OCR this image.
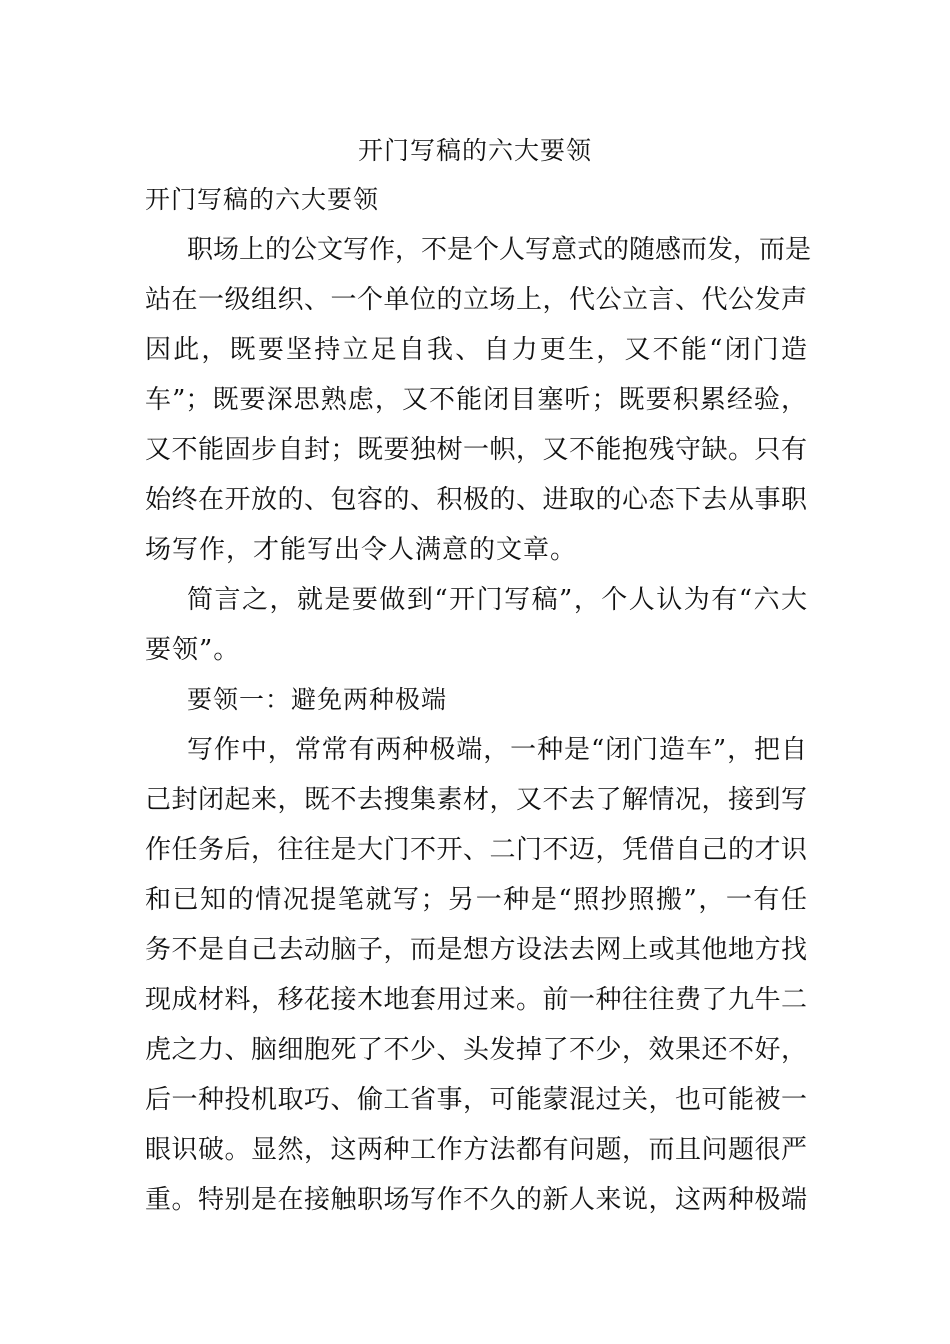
开门写稿的六大要领
开门写稿的六大要领
职场上的公文写作，不是个人写意式的随感而发，而是
站在一级组织、一个单位的立场上，代公立言、代公发声
因此，既要坚持立足自我、自力更生，又不能“闭门造
车”；既要深思熟虑，又不能闭目塞听；既要积累经验，
又不能固步自封；既要独树一帜，又不能抱残守缺。只有
始终在开放的、包容的、积极的、进取的心态下去从事职
场写作，才能写出令人满意的文章。
简言之，就是要做到“开门写稿”，个人认为有“六大
要领”。
要领一：避免两种极端
写作中，常常有两种极端，一种是“闭门造车”，把自
己封闭起来，既不去搜集素材，又不去了解情况，接到写
作任务后，往往是大门不开、二门不迈，凭借自己的才识
和已知的情况提笔就写；另一种是“照抄照搬”，一有任
务不是自己去动脑子，而是想方设法去网上或其他地方找
现成材料，移花接木地套用过来。前一种往往费了九牛二
虎之力、脑细胞死了不少、头发掉了不少，效果还不好，
后一种投机取巧、偷工省事，可能蒙混过关，也可能被一
眼识破。显然，这两种工作方法都有问题，而且问题很严
重。特别是在接触职场写作不久的新人来说，这两种极端
